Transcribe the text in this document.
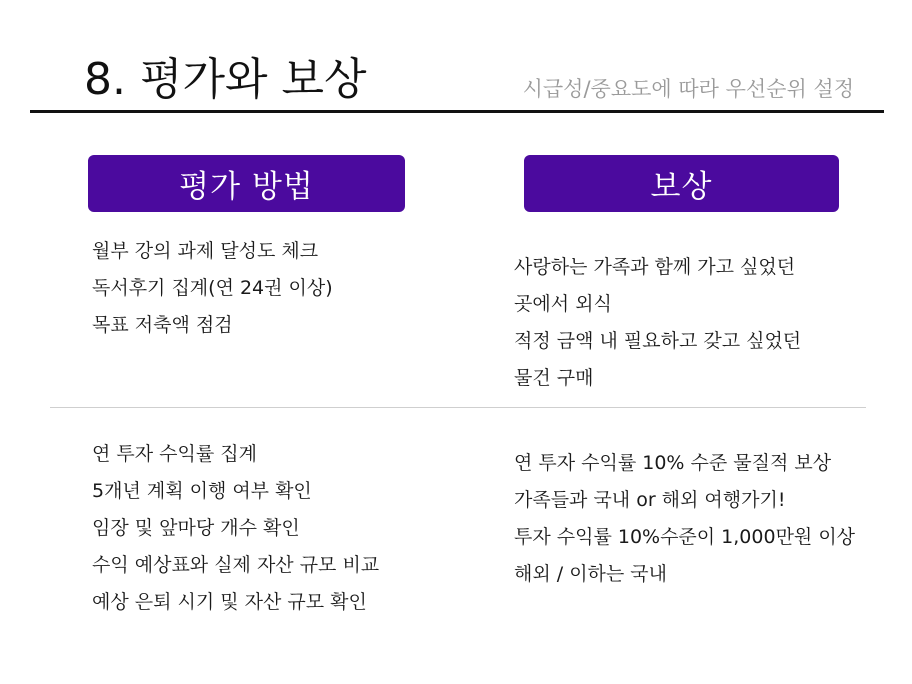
8. 평가와 보상	시급성/중요도에 따라 우선순위 설정
평가 방법	보상
월부 강의 과제 달성도 체크
독서후기 집계(연 24권 이상)
목표 저축액 점검
사랑하는 가족과 함께 가고 싶었던
곳에서 외식
적정 금액 내 필요하고 갖고 싶었던
물건 구매
연 투자 수익률 집계
5개년 계획 이행 여부 확인
임장 및 앞마당 개수 확인
수익 예상표와 실제 자산 규모 비교
예상 은퇴 시기 및 자산 규모 확인
연 투자 수익률 10% 수준 물질적 보상
가족들과 국내 or 해외 여행가기!
투자 수익률 10%수준이 1,000만원 이상
해외 / 이하는 국내
